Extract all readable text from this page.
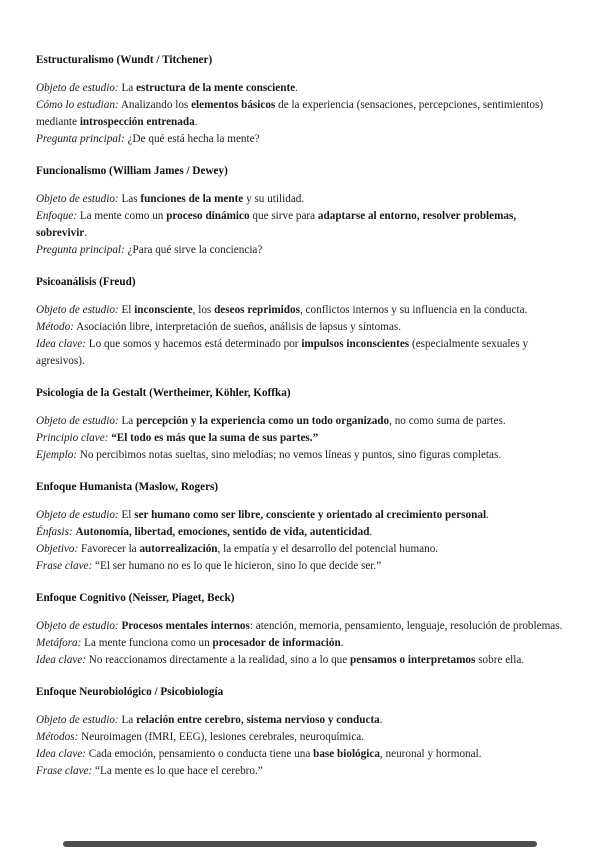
Estructuralismo (Wundt / Titchener)

Objeto de estudio: La estructura de la mente consciente.

Cómo lo estudian: Analizando los elementos básicos de la experiencia (sensaciones, percepciones, sentimientos) mediante introspección entrenada.

Pregunta principal: ¿De qué está hecha la mente?

Funcionalismo (William James / Dewey)

Objeto de estudio: Las funciones de la mente y su utilidad.

Enfoque: La mente como un proceso dinámico que sirve para adaptarse al entorno, resolver problemas, sobrevivir.

Pregunta principal: ¿Para qué sirve la conciencia?

Psicoanálisis (Freud)

Objeto de estudio: El inconsciente, los deseos reprimidos, conflictos internos y su influencia en la conducta.

Método: Asociación libre, interpretación de sueños, análisis de lapsus y síntomas.

Idea clave: Lo que somos y hacemos está determinado por impulsos inconscientes (especialmente sexuales y agresivos).

Psicología de la Gestalt (Wertheimer, Köhler, Koffka)

Objeto de estudio: La percepción y la experiencia como un todo organizado, no como suma de partes.

Principio clave: “El todo es más que la suma de sus partes.”

Ejemplo: No percibimos notas sueltas, sino melodías; no vemos líneas y puntos, sino figuras completas.

Enfoque Humanista (Maslow, Rogers)

Objeto de estudio: El ser humano como ser libre, consciente y orientado al crecimiento personal.

Énfasis: Autonomía, libertad, emociones, sentido de vida, autenticidad.

Objetivo: Favorecer la autorrealización, la empatía y el desarrollo del potencial humano.

Frase clave: “El ser humano no es lo que le hicieron, sino lo que decide ser.”

Enfoque Cognitivo (Neisser, Piaget, Beck)

Objeto de estudio: Procesos mentales internos: atención, memoria, pensamiento, lenguaje, resolución de problemas.

Metáfora: La mente funciona como un procesador de información.

Idea clave: No reaccionamos directamente a la realidad, sino a lo que pensamos o interpretamos sobre ella.

Enfoque Neurobiológico / Psicobiología

Objeto de estudio: La relación entre cerebro, sistema nervioso y conducta.

Métodos: Neuroimagen (fMRI, EEG), lesiones cerebrales, neuroquímica.

Idea clave: Cada emoción, pensamiento o conducta tiene una base biológica, neuronal y hormonal.

Frase clave: “La mente es lo que hace el cerebro.”
